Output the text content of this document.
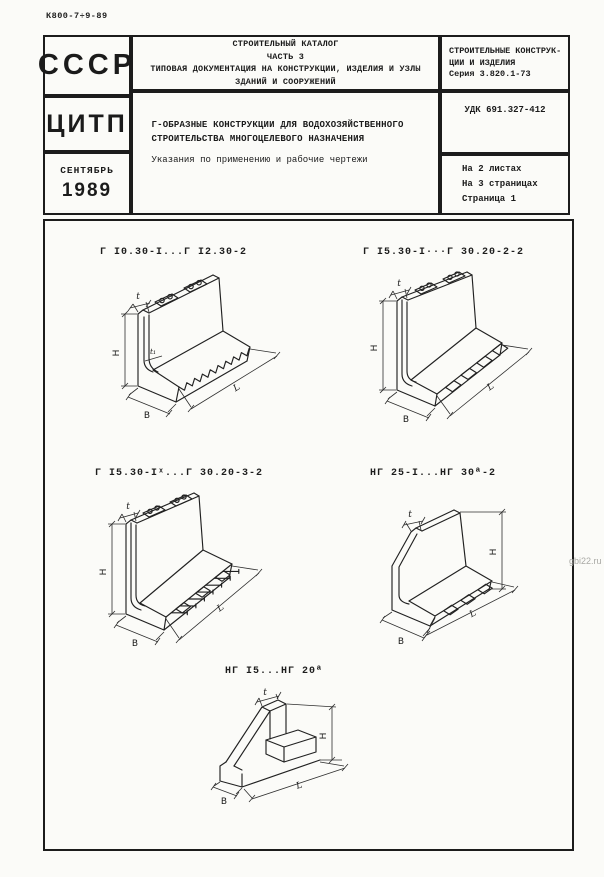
К800-7÷9-89
СССР
ЦИТП
СЕНТЯБРЬ
1989
СТРОИТЕЛЬНЫЙ КАТАЛОГ
ЧАСТЬ 3
ТИПОВАЯ ДОКУМЕНТАЦИЯ НА КОНСТРУКЦИИ, ИЗДЕЛИЯ И УЗЛЫ
ЗДАНИЙ И СООРУЖЕНИЙ
Г-ОБРАЗНЫЕ КОНСТРУКЦИИ ДЛЯ ВОДОХОЗЯЙСТВЕННОГО
СТРОИТЕЛЬСТВА МНОГОЦЕЛЕВОГО НАЗНАЧЕНИЯ
Указания по применению и рабочие чертежи
СТРОИТЕЛЬНЫЕ КОНСТРУК-
ЦИИ И ИЗДЕЛИЯ
Серия 3.820.1-73
УДК 691.327-412
На 2 листах
На 3 страницах
Страница 1
Г I0.30-I...Г I2.30-2
Н
t
t₁
В
L
Г I5.30-I···Г 30.20-2-2
Н
t
В
L
Г I5.30-Iˣ...Г 30.20-3-2
Н
t
В
L
НГ 25-I...НГ 30ª-2
Н
t
В
L
НГ I5...НГ 20ª
Н
t
В
L
gbi22.ru
